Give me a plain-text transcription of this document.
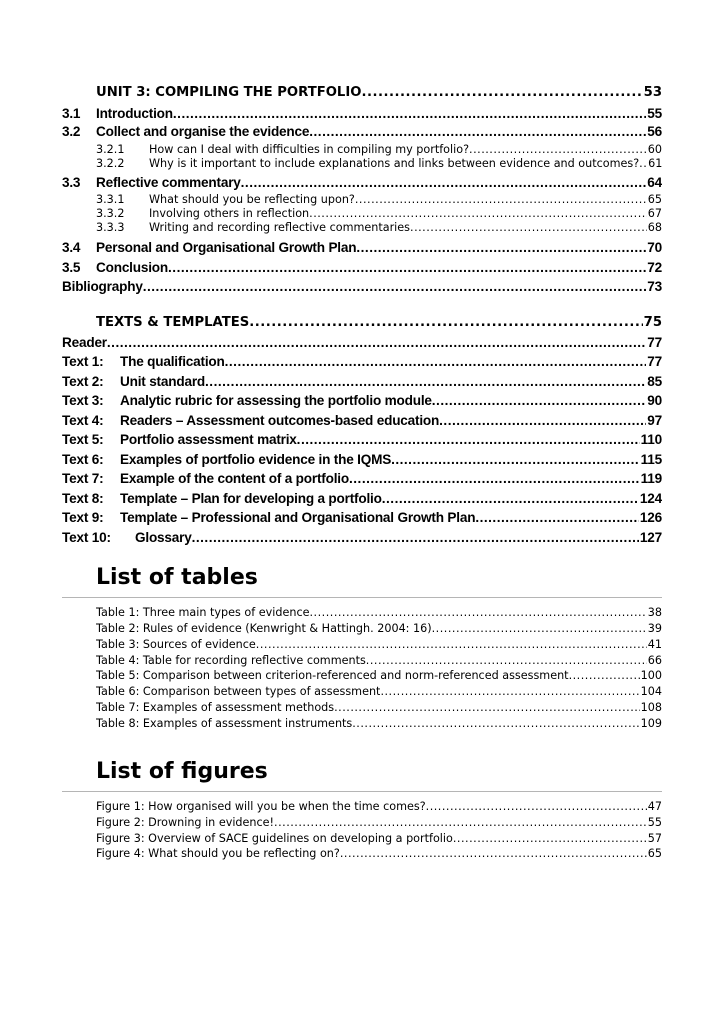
UNIT 3: COMPILING THE PORTFOLIO .....	53
3.1	Introduction .....	55
3.2	Collect and organise the evidence .....	56
3.2.1	How can I deal with difficulties in compiling my portfolio? .....	60
3.2.2	Why is it important to include explanations and links between evidence and outcomes? ..... 61
3.3	Reflective commentary .....	64
3.3.1	What should you be reflecting upon? .....	65
3.3.2	Involving others in reflection .....	67
3.3.3	Writing and recording reflective commentaries .....	68
3.4	Personal and Organisational Growth Plan .....	70
3.5	Conclusion .....	72
Bibliography .....	73
TEXTS & TEMPLATES .....	75
Reader .....	77
Text 1:	The qualification .....	77
Text 2:	Unit standard .....	85
Text 3:	Analytic rubric for assessing the portfolio module .....	90
Text 4:	Readers – Assessment outcomes-based education .....	97
Text 5:	Portfolio assessment matrix .....	110
Text 6:	Examples of portfolio evidence in the IQMS .....	115
Text 7:	Example of the content of a portfolio .....	119
Text 8:	Template – Plan for developing a portfolio .....	124
Text 9:	Template – Professional and Organisational Growth Plan .....	126
Text 10:	Glossary .....	127
List of tables
Table 1: Three main types of evidence .....	38
Table 2: Rules of evidence (Kenwright & Hattingh. 2004: 16) .....	39
Table 3: Sources of evidence .....	41
Table 4: Table for recording reflective comments .....	66
Table 5: Comparison between criterion-referenced and norm-referenced assessment .....	100
Table 6: Comparison between types of assessment .....	104
Table 7: Examples of assessment methods .....	108
Table 8: Examples of assessment instruments .....	109
List of figures
Figure 1: How organised will you be when the time comes? .....	47
Figure 2: Drowning in evidence! .....	55
Figure 3: Overview of SACE guidelines on developing a portfolio .....	57
Figure 4: What should you be reflecting on? .....	65
